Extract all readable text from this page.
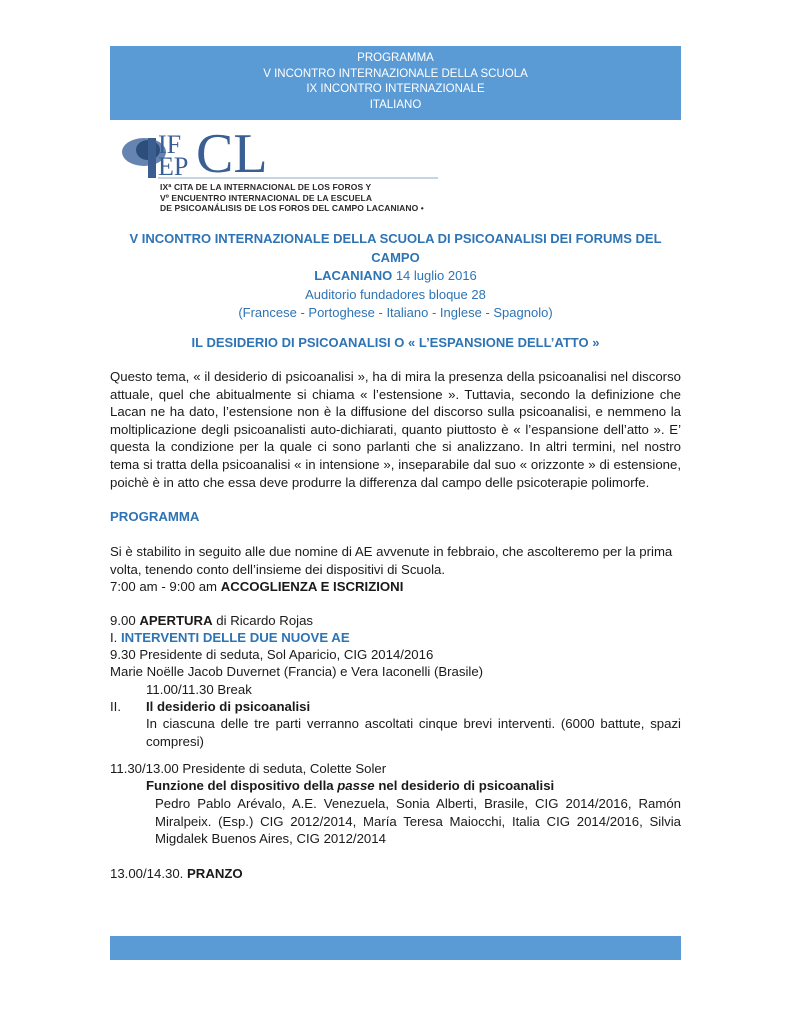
PROGRAMMA
V INCONTRO INTERNAZIONALE DELLA SCUOLA
IX INCONTRO INTERNAZIONALE
ITALIANO
IF
EP CL
IXª CITA DE LA INTERNACIONAL DE LOS FOROS Y
Vº ENCUENTRO INTERNACIONAL DE LA ESCUELA
DE PSICOANÁLISIS DE LOS FOROS DEL CAMPO LACANIANO •
V INCONTRO INTERNAZIONALE DELLA SCUOLA DI PSICOANALISI DEI FORUMS DEL CAMPO
LACANIANO 14 luglio 2016
Auditorio fundadores bloque 28
(Francese - Portoghese - Italiano - Inglese - Spagnolo)
IL DESIDERIO DI PSICOANALISI O « L’ESPANSIONE DELL’ATTO »
Questo tema, « il desiderio di psicoanalisi », ha di mira la presenza della psicoanalisi nel discorso attuale, quel che abitualmente si chiama « l’estensione ». Tuttavia, secondo la definizione che Lacan ne ha dato, l’estensione non è la diffusione del discorso sulla psicoanalisi, e nemmeno la moltiplicazione degli psicoanalisti auto-dichiarati, quanto piuttosto è « l’espansione dell’atto ». E’ questa la condizione per la quale ci sono parlanti che si analizzano. In altri termini, nel nostro tema si tratta della psicoanalisi « in intensione », inseparabile dal suo « orizzonte » di estensione, poichè è in atto che essa deve produrre la differenza dal campo delle psicoterapie polimorfe.
PROGRAMMA
Si è stabilito in seguito alle due nomine di AE avvenute in febbraio, che ascolteremo per la prima volta, tenendo conto dell’insieme dei dispositivi di Scuola.
7:00 am - 9:00 am ACCOGLIENZA E ISCRIZIONI
9.00 APERTURA di Ricardo Rojas
I. INTERVENTI DELLE DUE NUOVE AE
9.30 Presidente di seduta, Sol Aparicio, CIG 2014/2016
Marie Noëlle Jacob Duvernet (Francia) e Vera Iaconelli (Brasile)
11.00/11.30 Break
II. Il desiderio di psicoanalisi
In ciascuna delle tre parti verranno ascoltati cinque brevi interventi. (6000 battute, spazi compresi)
11.30/13.00 Presidente di seduta, Colette Soler
Funzione del dispositivo della passe nel desiderio di psicoanalisi
Pedro Pablo Arévalo, A.E. Venezuela, Sonia Alberti, Brasile, CIG 2014/2016, Ramón Miralpeix. (Esp.) CIG 2012/2014, María Teresa Maiocchi, Italia CIG 2014/2016, Silvia Migdalek Buenos Aires, CIG 2012/2014
13.00/14.30. PRANZO
